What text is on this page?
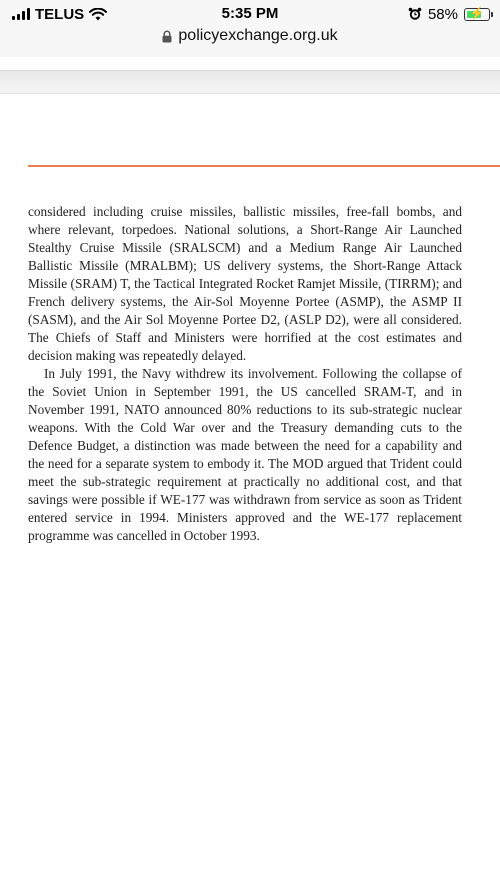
TELUS	5:35 PM	58% ⚡
policyexchange.org.uk

considered including cruise missiles, ballistic missiles, free-fall bombs, and where relevant, torpedoes. National solutions, a Short-Range Air Launched Stealthy Cruise Missile (SRALSCM) and a Medium Range Air Launched Ballistic Missile (MRALBM); US delivery systems, the Short-Range Attack Missile (SRAM) T, the Tactical Integrated Rocket Ramjet Missile, (TIRRM); and French delivery systems, the Air-Sol Moyenne Portee (ASMP), the ASMP II (SASM), and the Air Sol Moyenne Portee D2, (ASLP D2), were all considered. The Chiefs of Staff and Ministers were horrified at the cost estimates and decision making was repeatedly delayed.

In July 1991, the Navy withdrew its involvement. Following the collapse of the Soviet Union in September 1991, the US cancelled SRAM-T, and in November 1991, NATO announced 80% reductions to its sub-strategic nuclear weapons. With the Cold War over and the Treasury demanding cuts to the Defence Budget, a distinction was made between the need for a capability and the need for a separate system to embody it. The MOD argued that Trident could meet the sub-strategic requirement at practically no additional cost, and that savings were possible if WE-177 was withdrawn from service as soon as Trident entered service in 1994. Ministers approved and the WE-177 replacement programme was cancelled in October 1993.
